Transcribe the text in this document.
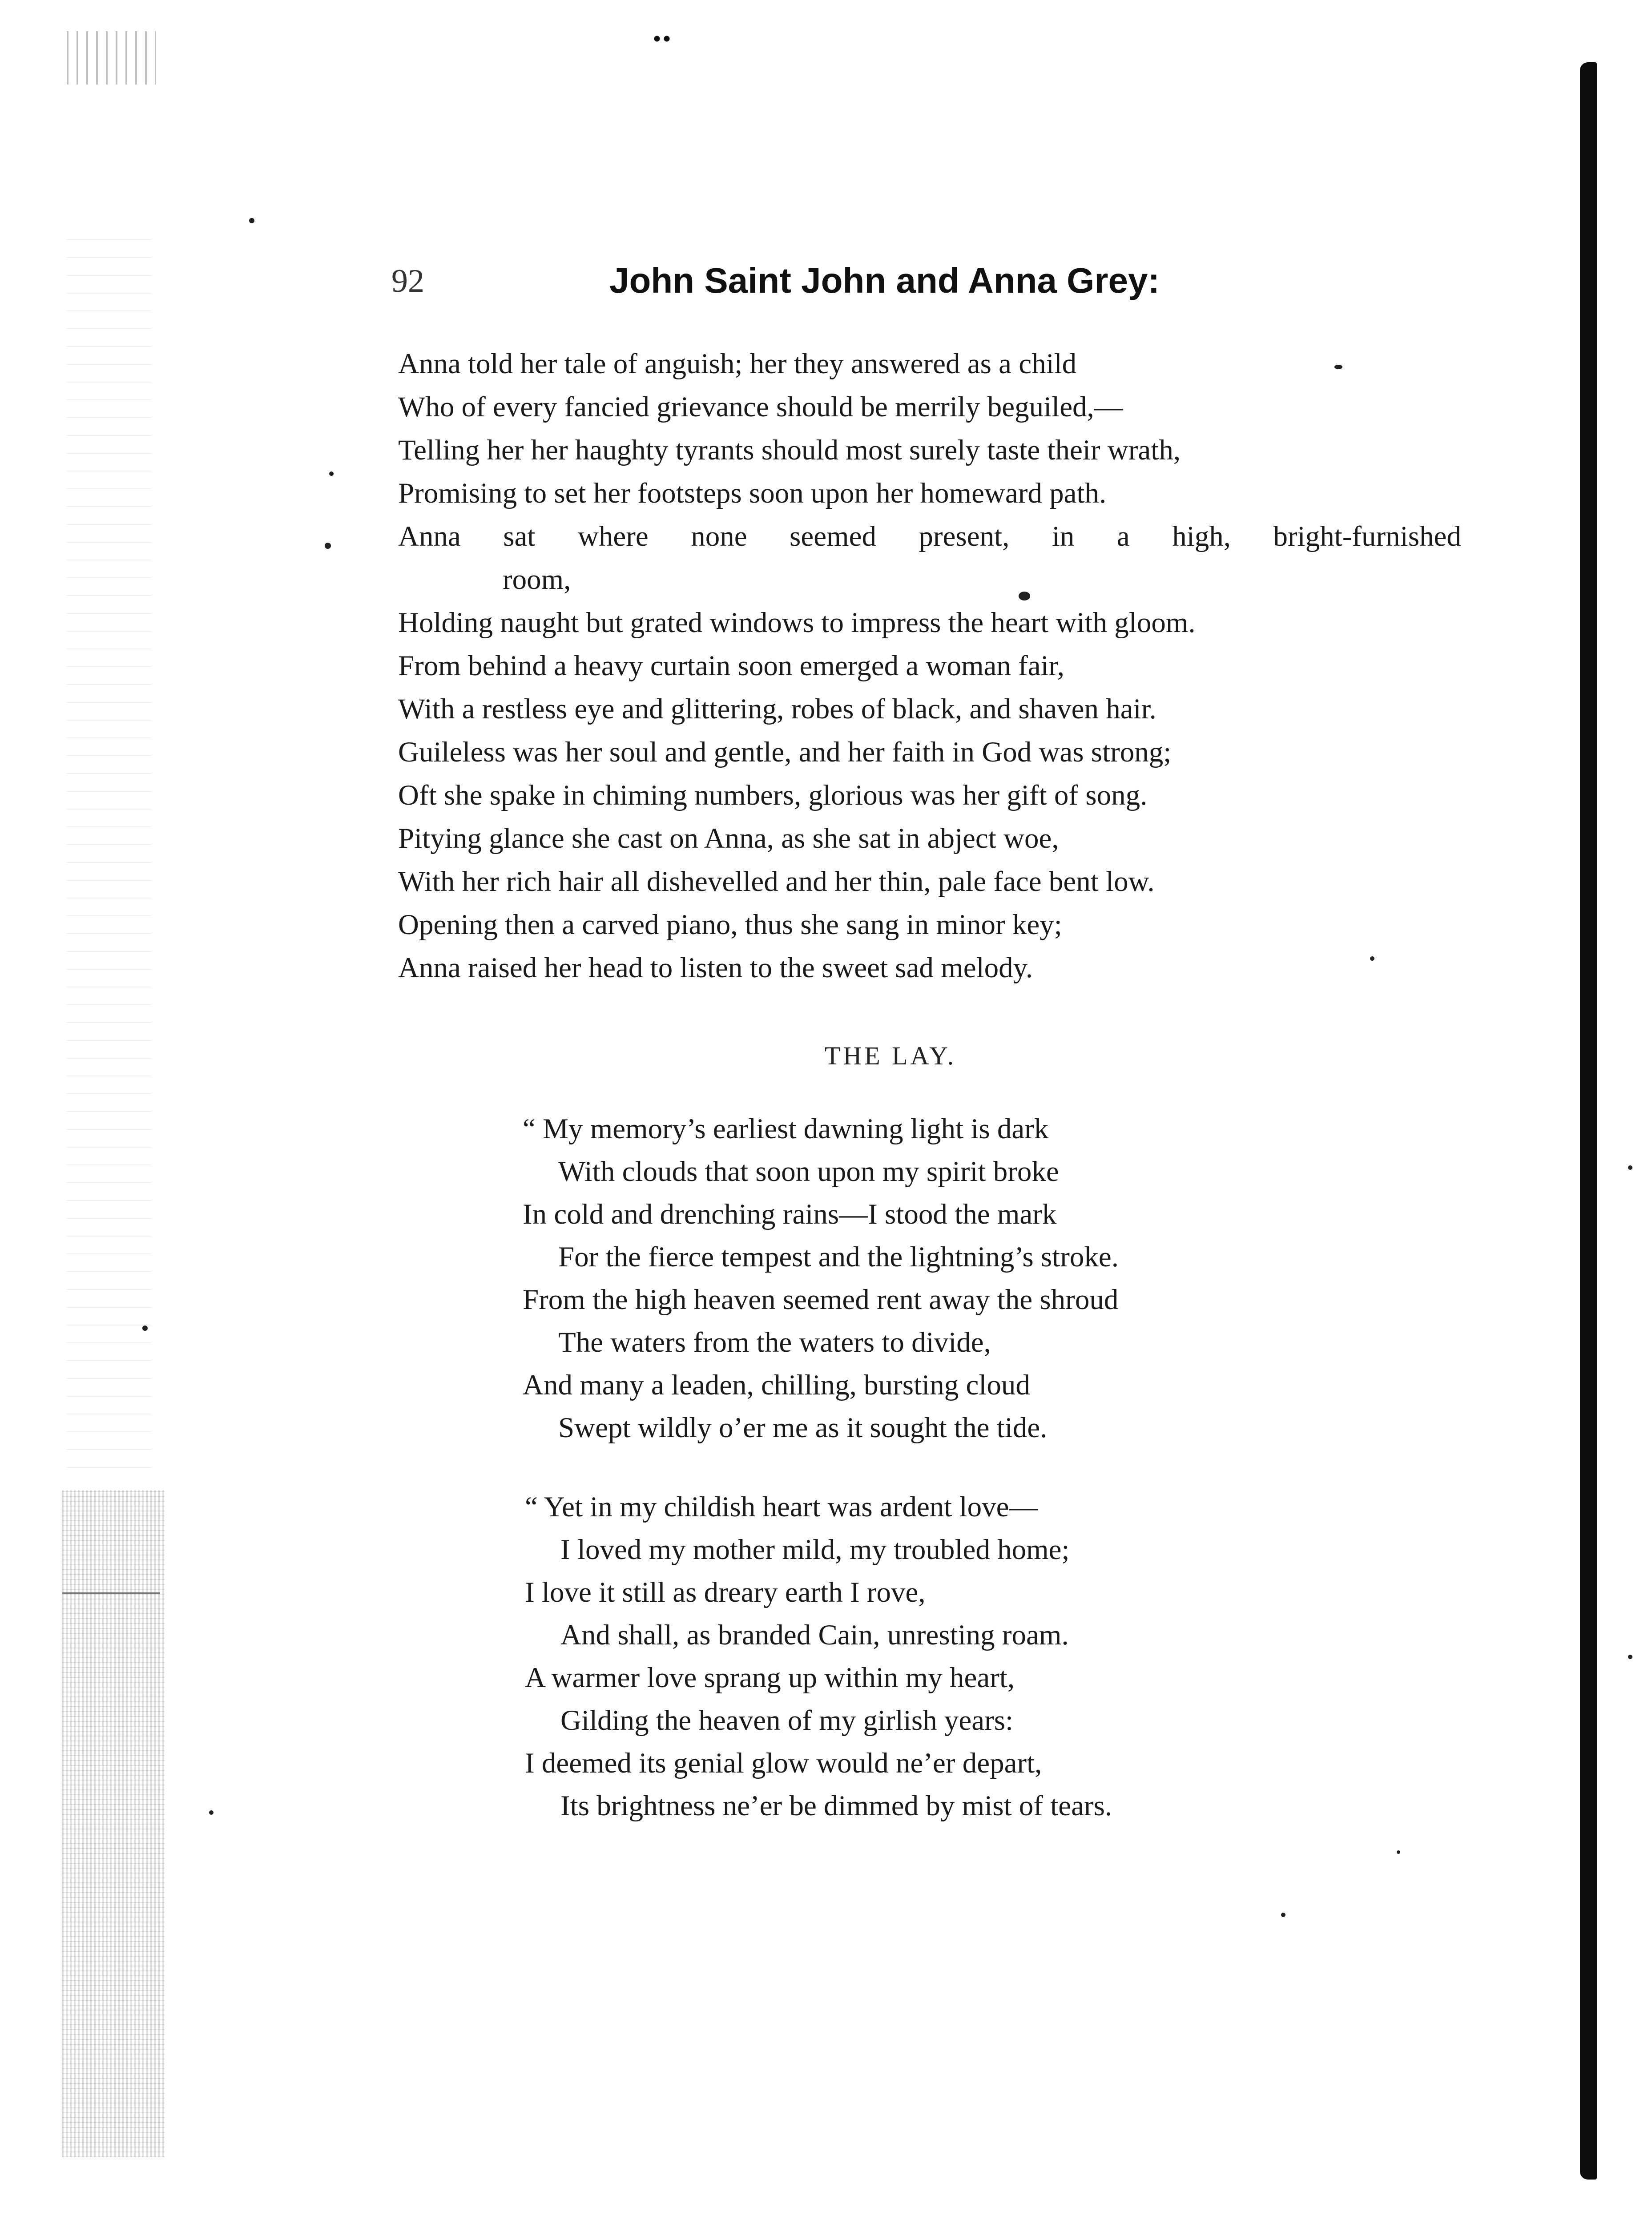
92	John Saint John and Anna Grey:
Anna told her tale of anguish; her they answered as a child
Who of every fancied grievance should be merrily beguiled,—
Telling her her haughty tyrants should most surely taste their wrath,
Promising to set her footsteps soon upon her homeward path.
Anna sat where none seemed present, in a high, bright-furnished
room,
Holding naught but grated windows to impress the heart with gloom.
From behind a heavy curtain soon emerged a woman fair,
With a restless eye and glittering, robes of black, and shaven hair.
Guileless was her soul and gentle, and her faith in God was strong;
Oft she spake in chiming numbers, glorious was her gift of song.
Pitying glance she cast on Anna, as she sat in abject woe,
With her rich hair all dishevelled and her thin, pale face bent low.
Opening then a carved piano, thus she sang in minor key;
Anna raised her head to listen to the sweet sad melody.
THE LAY.
“ My memory’s earliest dawning light is dark
With clouds that soon upon my spirit broke
In cold and drenching rains—I stood the mark
For the fierce tempest and the lightning’s stroke.
From the high heaven seemed rent away the shroud
The waters from the waters to divide,
And many a leaden, chilling, bursting cloud
Swept wildly o’er me as it sought the tide.
“ Yet in my childish heart was ardent love—
I loved my mother mild, my troubled home;
I love it still as dreary earth I rove,
And shall, as branded Cain, unresting roam.
A warmer love sprang up within my heart,
Gilding the heaven of my girlish years:
I deemed its genial glow would ne’er depart,
Its brightness ne’er be dimmed by mist of tears.
